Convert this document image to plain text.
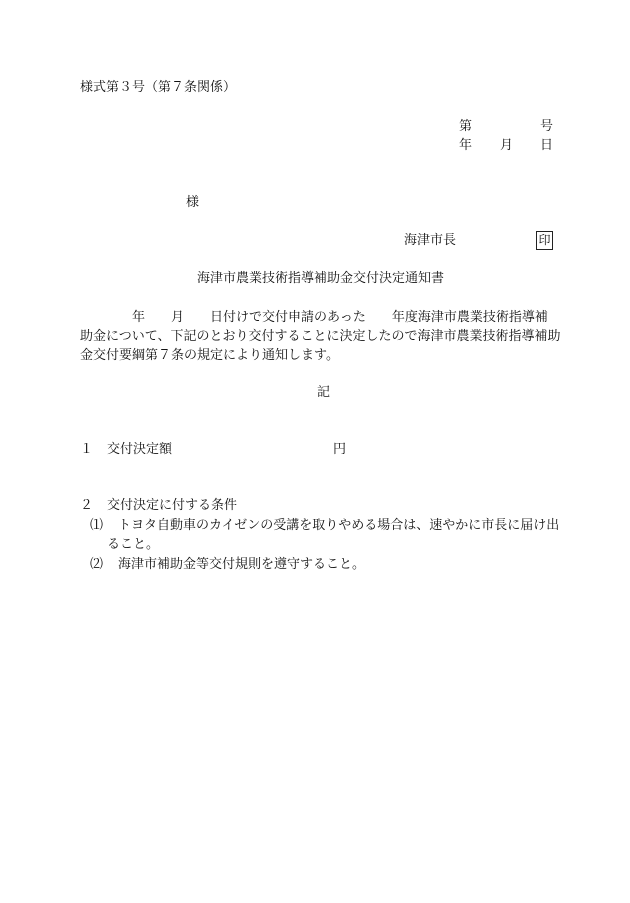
様式第３号（第７条関係）
第	号
年 月 日
様
海津市長	印
海津市農業技術指導補助金交付決定通知書
　　　　年　　月　　日付けで交付申請のあった　　年度海津市農業技術指導補
助金について、下記のとおり交付することに決定したので海津市農業技術指導補助
金交付要綱第７条の規定により通知します。
記
１ 交付決定額	円
２ 交付決定に付する条件
⑴ トヨタ自動車のカイゼンの受講を取りやめる場合は、速やかに市長に届け出
ること。
⑵ 海津市補助金等交付規則を遵守すること。
